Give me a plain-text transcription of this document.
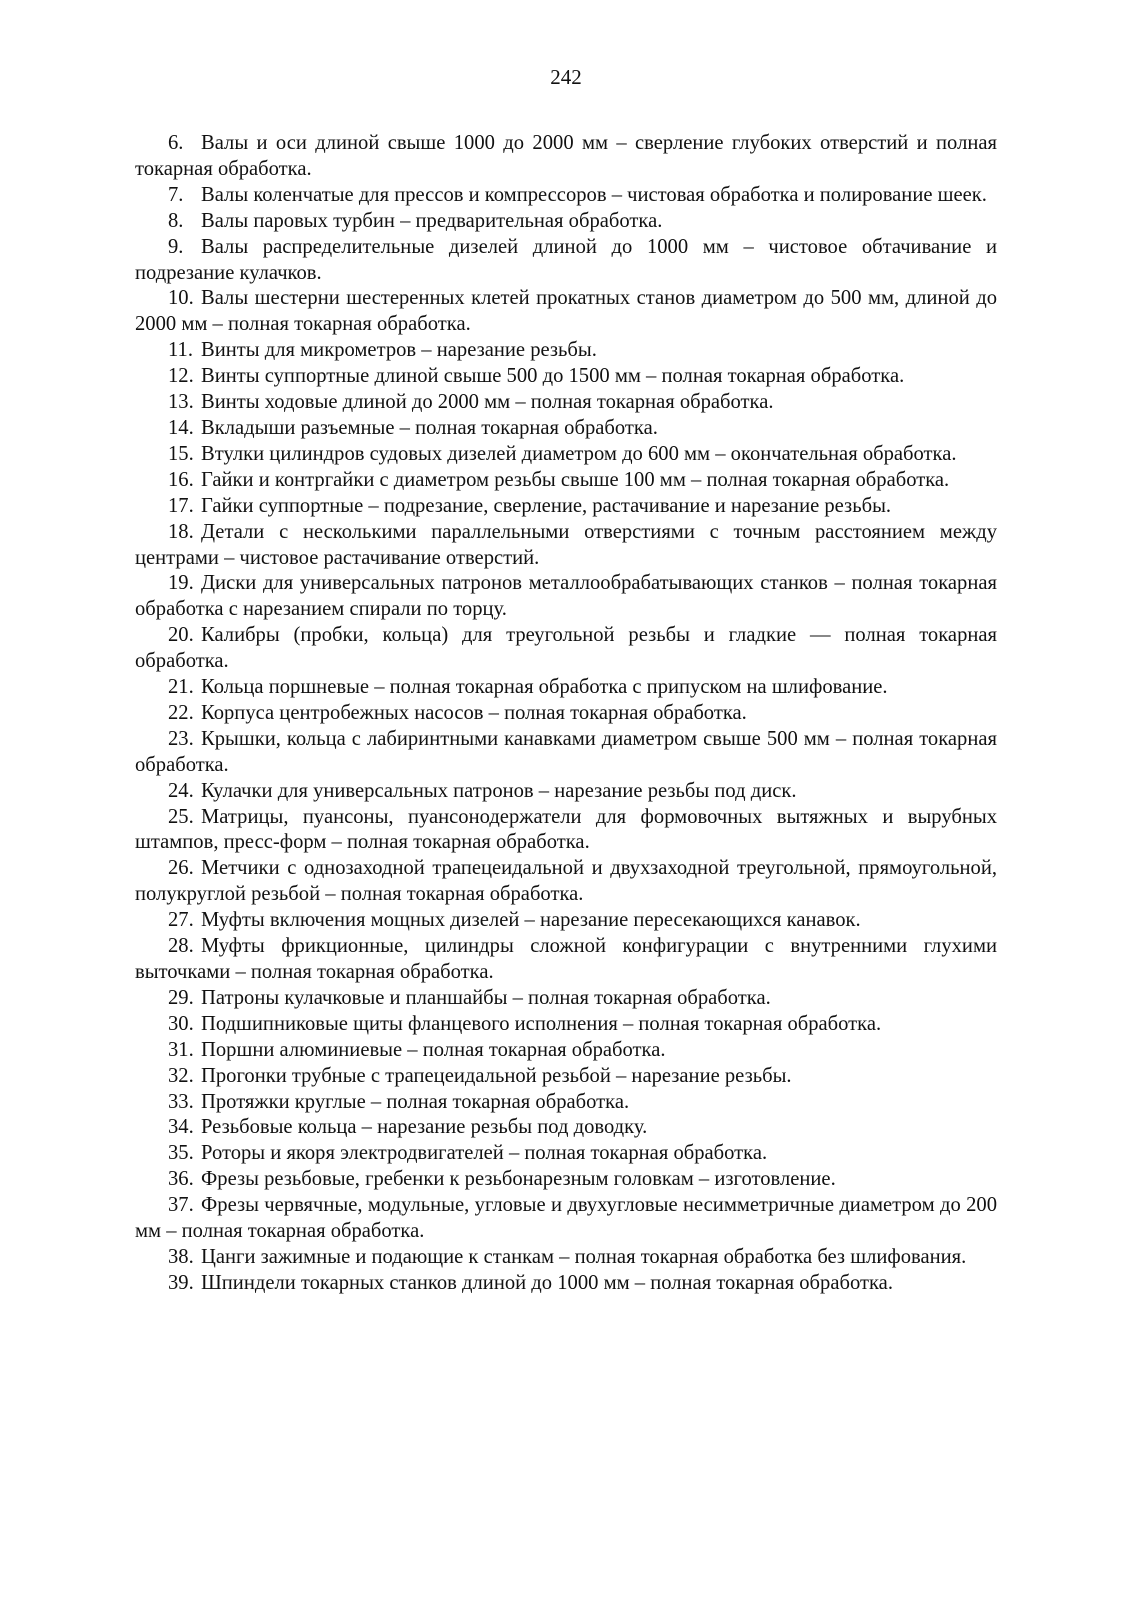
242
6. Валы и оси длиной свыше 1000 до 2000 мм – сверление глубоких отверстий и полная токарная обработка.
7. Валы коленчатые для прессов и компрессоров – чистовая обработка и полирование шеек.
8. Валы паровых турбин – предварительная обработка.
9. Валы распределительные дизелей длиной до 1000 мм – чистовое обтачивание и подрезание кулачков.
10. Валы шестерни шестеренных клетей прокатных станов диаметром до 500 мм, длиной до 2000 мм – полная токарная обработка.
11. Винты для микрометров – нарезание резьбы.
12. Винты суппортные длиной свыше 500 до 1500 мм – полная токарная обработка.
13. Винты ходовые длиной до 2000 мм – полная токарная обработка.
14. Вкладыши разъемные – полная токарная обработка.
15. Втулки цилиндров судовых дизелей диаметром до 600 мм – окончательная обработка.
16. Гайки и контргайки с диаметром резьбы свыше 100 мм – полная токарная обработка.
17. Гайки суппортные – подрезание, сверление, растачивание и нарезание резьбы.
18. Детали с несколькими параллельными отверстиями с точным расстоянием между центрами – чистовое растачивание отверстий.
19. Диски для универсальных патронов металлообрабатывающих станков – полная токарная обработка с нарезанием спирали по торцу.
20. Калибры (пробки, кольца) для треугольной резьбы и гладкие — полная токарная обработка.
21. Кольца поршневые – полная токарная обработка с припуском на шлифование.
22. Корпуса центробежных насосов – полная токарная обработка.
23. Крышки, кольца с лабиринтными канавками диаметром свыше 500 мм – полная токарная обработка.
24. Кулачки для универсальных патронов – нарезание резьбы под диск.
25. Матрицы, пуансоны, пуансонодержатели для формовочных вытяжных и вырубных штампов, пресс-форм – полная токарная обработка.
26. Метчики с однозаходной трапецеидальной и двухзаходной треугольной, прямоугольной, полукруглой резьбой – полная токарная обработка.
27. Муфты включения мощных дизелей – нарезание пересекающихся канавок.
28. Муфты фрикционные, цилиндры сложной конфигурации с внутренними глухими выточками – полная токарная обработка.
29. Патроны кулачковые и планшайбы – полная токарная обработка.
30. Подшипниковые щиты фланцевого исполнения – полная токарная обработка.
31. Поршни алюминиевые – полная токарная обработка.
32. Прогонки трубные с трапецеидальной резьбой – нарезание резьбы.
33. Протяжки круглые – полная токарная обработка.
34. Резьбовые кольца – нарезание резьбы под доводку.
35. Роторы и якоря электродвигателей – полная токарная обработка.
36. Фрезы резьбовые, гребенки к резьбонарезным головкам – изготовление.
37. Фрезы червячные, модульные, угловые и двухугловые несимметричные диаметром до 200 мм – полная токарная обработка.
38. Цанги зажимные и подающие к станкам – полная токарная обработка без шлифования.
39. Шпиндели токарных станков длиной до 1000 мм – полная токарная обработка.
